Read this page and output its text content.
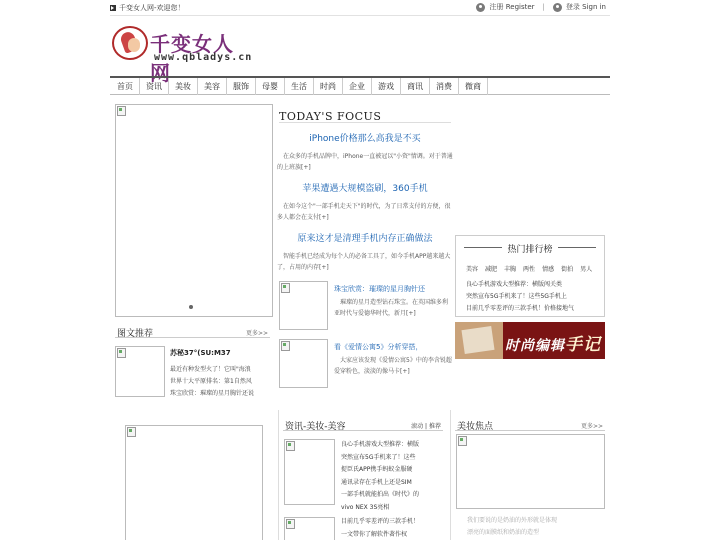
千变女人网-欢迎您！	注册 Register |	登录 Sign in
千变女人网
www.qbladys.cn
首页	资讯	美妆	美容	服饰	母婴	生活	时尚	企业	游戏	商讯	消费	微商
TODAY'S FOCUS
iPhone价格那么高我是不买
在众多的手机品牌中，iPhone一直被冠以"小资"情调。对于普通的上班族[+]
苹果遭遇大规模盗刷，360手机
在如今这个"一部手机走天下"的时代，为了日常支付的方便，很多人都会在支付[+]
原来这才是清理手机内存正确做法
智能手机已经成为每个人的必备工具了，如今手机APP越来越大了，占用的内存[+]
珠宝欣赏：璀璨的星月胸针还
璀璨的星月造型钻石珠宝。在英国维多利亚时代与爱德华时代，新月[+]
看《爱情公寓5》分析穿搭，
大家应该发现《爱情公寓5》中的李含锐超爱穿粉色，淡淡的像马卡[+]
图文推荐	更多>>
苏秘37°(SU:M37
最近有种发型火了！它叫"海浪
世界十大平原排名：第1自然风
珠宝欣赏：璀璨的星月胸针还说
热门排行榜
美容 减肥 丰胸 两性 情感 街拍 男人
良心手机游戏大型推荐：横版闯关类
突然宣布5G手机来了！这些5G手机上
目前几乎零差评的三款手机！价格接地气
时尚编辑手记
资讯-美妆-美容	滚动 | 推荐
良心手机游戏大型推荐：横版
突然宣布5G手机来了！这些
捉臣氏APP携手蚂蚁金服硬
通讯录存在手机上还是SIM
一部手机就能拍出《时代》的
vivo NEX 3S亮相
目前几乎零差评的三款手机！
一文带你了解软件著作权
美妆焦点	更多>>
我们要说的是奶油的外形就是体现
漂亮的面膜纸和奶油的造型
